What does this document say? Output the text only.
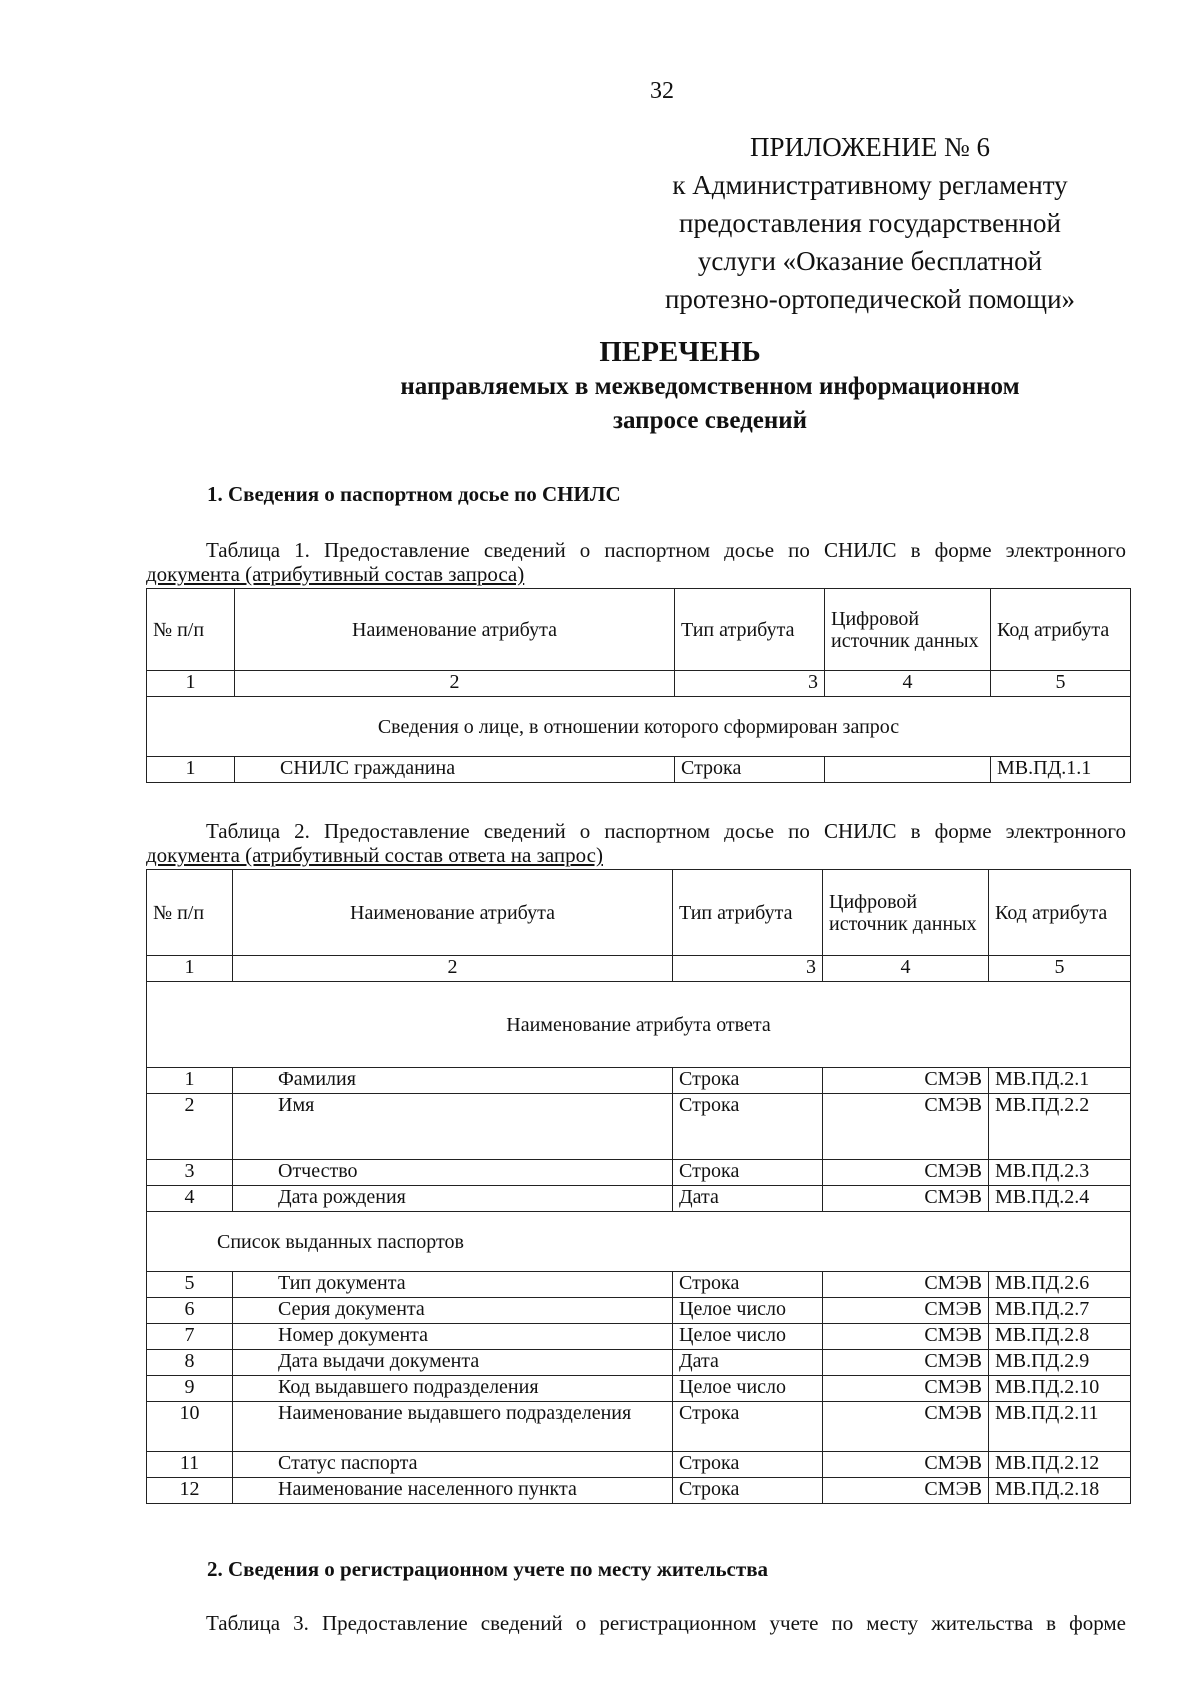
32
ПРИЛОЖЕНИЕ № 6
к Административному регламенту
предоставления государственной
услуги «Оказание бесплатной
протезно-ортопедической помощи»
ПЕРЕЧЕНЬ
направляемых в межведомственном информационном
запросе сведений
1. Сведения о паспортном досье по СНИЛС
Таблица 1. Предоставление сведений о паспортном досье по СНИЛС в форме электронного
документа (атрибутивный состав запроса)
№ п/п	Наименование атрибута	Тип атрибута	Цифровой источник данных	Код атрибута
1	2	3	4	5
Сведения о лице, в отношении которого сформирован запрос				
1	СНИЛС гражданина	Строка		МВ.ПД.1.1
Таблица 2. Предоставление сведений о паспортном досье по СНИЛС в форме электронного
документа (атрибутивный состав ответа на запрос)
№ п/п	Наименование атрибута	Тип атрибута	Цифровой источник данных	Код атрибута
1	2	3	4	5
Наименование атрибута ответа				
1	Фамилия	Строка	СМЭВ	МВ.ПД.2.1
2	Имя	Строка	СМЭВ	МВ.ПД.2.2
3	Отчество	Строка	СМЭВ	МВ.ПД.2.3
4	Дата рождения	Дата	СМЭВ	МВ.ПД.2.4
Список выданных паспортов				
5	Тип документа	Строка	СМЭВ	МВ.ПД.2.6
6	Серия документа	Целое число	СМЭВ	МВ.ПД.2.7
7	Номер документа	Целое число	СМЭВ	МВ.ПД.2.8
8	Дата выдачи документа	Дата	СМЭВ	МВ.ПД.2.9
9	Код выдавшего подразделения	Целое число	СМЭВ	МВ.ПД.2.10
10	Наименование выдавшего подразделения	Строка	СМЭВ	МВ.ПД.2.11
11	Статус паспорта	Строка	СМЭВ	МВ.ПД.2.12
12	Наименование населенного пункта	Строка	СМЭВ	МВ.ПД.2.18
2. Сведения о регистрационном учете по месту жительства
Таблица 3. Предоставление сведений о регистрационном учете по месту жительства в форме
